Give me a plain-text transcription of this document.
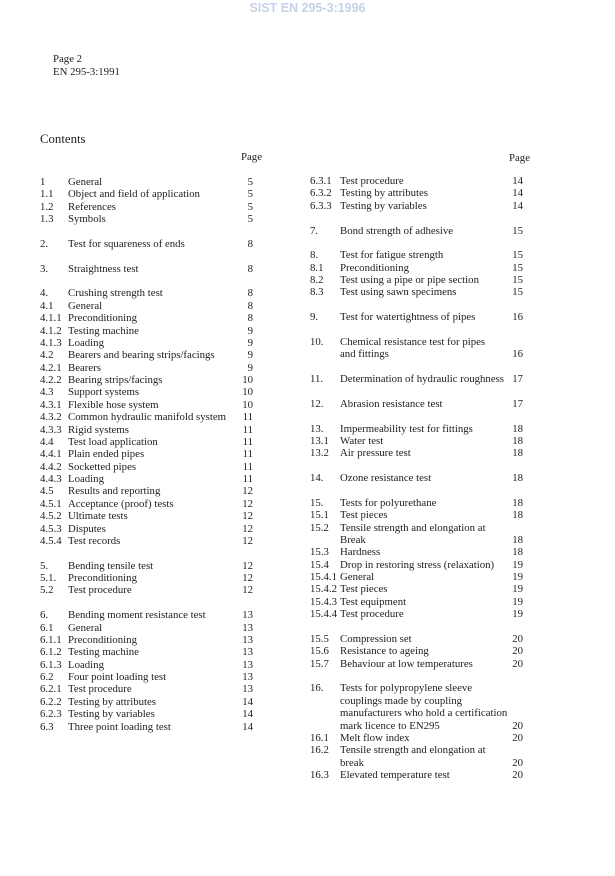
SIST EN 295-3:1996
Page 2
EN 295-3:1991
Contents
Page
1 General	5
1.1 Object and field of application	5
1.2 References	5
1.3 Symbols	5
2. Test for squareness of ends	8
3. Straightness test	8
4. Crushing strength test	8
4.1 General	8
4.1.1 Preconditioning	8
4.1.2 Testing machine	9
4.1.3 Loading	9
4.2 Bearers and bearing strips/facings	9
4.2.1 Bearers	9
4.2.2 Bearing strips/facings	10
4.3 Support systems	10
4.3.1 Flexible hose system	10
4.3.2 Common hydraulic manifold system	11
4.3.3 Rigid systems	11
4.4 Test load application	11
4.4.1 Plain ended pipes	11
4.4.2 Socketted pipes	11
4.4.3 Loading	11
4.5 Results and reporting	12
4.5.1 Acceptance (proof) tests	12
4.5.2 Ultimate tests	12
4.5.3 Disputes	12
4.5.4 Test records	12
5. Bending tensile test	12
5.1. Preconditioning	12
5.2 Test procedure	12
6. Bending moment resistance test	13
6.1 General	13
6.1.1 Preconditioning	13
6.1.2 Testing machine	13
6.1.3 Loading	13
6.2 Four point loading test	13
6.2.1 Test procedure	13
6.2.2 Testing by attributes	14
6.2.3 Testing by variables	14
6.3 Three point loading test	14
Page
6.3.1 Test procedure	14
6.3.2 Testing by attributes	14
6.3.3 Testing by variables	14
7. Bond strength of adhesive	15
8. Test for fatigue strength	15
8.1 Preconditioning	15
8.2 Test using a pipe or pipe section	15
8.3 Test using sawn specimens	15
9. Test for watertightness of pipes	16
10. Chemical resistance test for pipes
and fittings	16
11. Determination of hydraulic roughness 17
12. Abrasion resistance test	17
13. Impermeability test for fittings	18
13.1 Water test	18
13.2 Air pressure test	18
14. Ozone resistance test	18
15. Tests for polyurethane	18
15.1 Test pieces	18
15.2 Tensile strength and elongation at
Break	18
15.3 Hardness	18
15.4 Drop in restoring stress (relaxation)	19
15.4.1 General	19
15.4.2 Test pieces	19
15.4.3 Test equipment	19
15.4.4 Test procedure	19
15.5 Compression set	20
15.6 Resistance to ageing	20
15.7 Behaviour at low temperatures	20
16. Tests for polypropylene sleeve
couplings made by coupling
manufacturers who hold a certification
mark licence to EN295	20
16.1 Melt flow index	20
16.2 Tensile strength and elongation at
break	20
16.3 Elevated temperature test	20
